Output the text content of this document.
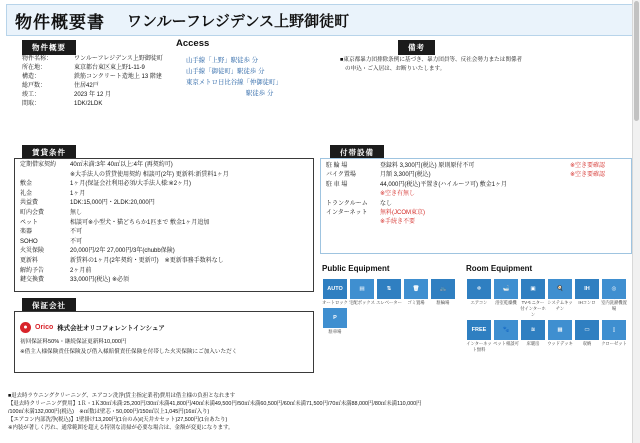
物件概要書 ワンルーフレジデンス上野御徒町
物件概要
物件名称：	ワンルーフレジデンス上野御徒町
所在地：	東京都台東区東上野1-11-9
構造：	鉄筋コンクリート造地上 13 階建
総戸数：	住居42戸
竣工：	2023 年 12 月
間取：	1DK/2LDK
Access
山手線「上野」駅徒歩 分
山手線「御徒町」駅徒歩 分
東京メトロ日比谷線「仲御徒町」
駅徒歩 分
備考
■東京都暴力団排除条例に基づき、暴力団員等、反社会勢力または関係者
の申込・ご入居は、お断りいたします。
賃貸条件
定期借家契約	40㎡未満:3年 40㎡以上:4年 (再契約可)
※大手法人の賃貸使用契約 相談可(2年) 更新料:新賃料1ヶ月
敷金	1ヶ月(保証会社利用必須/大手法人様:※2ヶ月)
礼金	1ヶ月
共益費	1DK:15,000円・2LDK:20,000円
町内会費	無し
ペット	相談可※小型犬・猫どちらか1匹まで 敷金1ヶ月追加
楽器	不可
SOHO	不可
火災保険	20,000円/2年 27,000円/3年(chubb保険)
更新料	新賃料の1ヶ月(2年契約・更新可)　※更新事務手数料なし
解約予告	2ヶ月前
鍵交換費	33,000円(税込) ※必須
付帯設備
駐 輪 場	登録料 3,300円(税込) 原則原付不可	※空き要確認
バイク置場	月額 3,300円(税込)	※空き要確認
駐 車 場	44,000円(税込)平置き(ハイルーフ可) 敷金1ヶ月
※空き有無し
トランクルーム	なし
インターネット	無料(JCOM東京)
※手続き不要
保証会社
●	Orico 株式会社オリコフォレントインシュア
初回保証料50%・継続保証更新料10,000円
※借主人様保険責任保険及び借入様賠償責任保険を付帯した火災保険にご加入いただく
Public Equipment
AUTO
オートロック
▤
宅配ボックス
⇅
エレベーター
🗑
ゴミ置場
🚲
駐輪場
P
駐車場
Room Equipment
❄
エアコン
🛁
浴室乾燥機
▣
TVモニター付インターホン
🍳
システムキッチン
IH
IHコンロ
◎
室内洗濯機置場
FREE
インターネット無料
🐾
ペット相談可
≋
床暖房
▦
ウッドデッキ
▭
収納
▯
クローゼット
■退去時ラウニングクリーニング、エアコン洗浄(賃主指定業者)費用は借主様の負担となれます
【退去時クリーニング費用】1Ｒ・1Ｋ30㎡未満:25,200円/30㎡未満41,800円/40㎡未満49,500円/50㎡未満60,500円/60㎡未満71,500円/70㎡未満88,000円/80㎡未満110,000円
/100㎡未満132,000円(税込)　※㎡数は壁芯・50,000円/150㎡以上1,045円(16㎡入り)
【エアコン内部洗浄(税込)】1壁掛け13,200円(1台のみ)/(天井カセット)27,500円(1台あたり)
※内装が著しく汚れ、通常範囲を超える特別な清掃が必要な場合は、金額が変更になります。
